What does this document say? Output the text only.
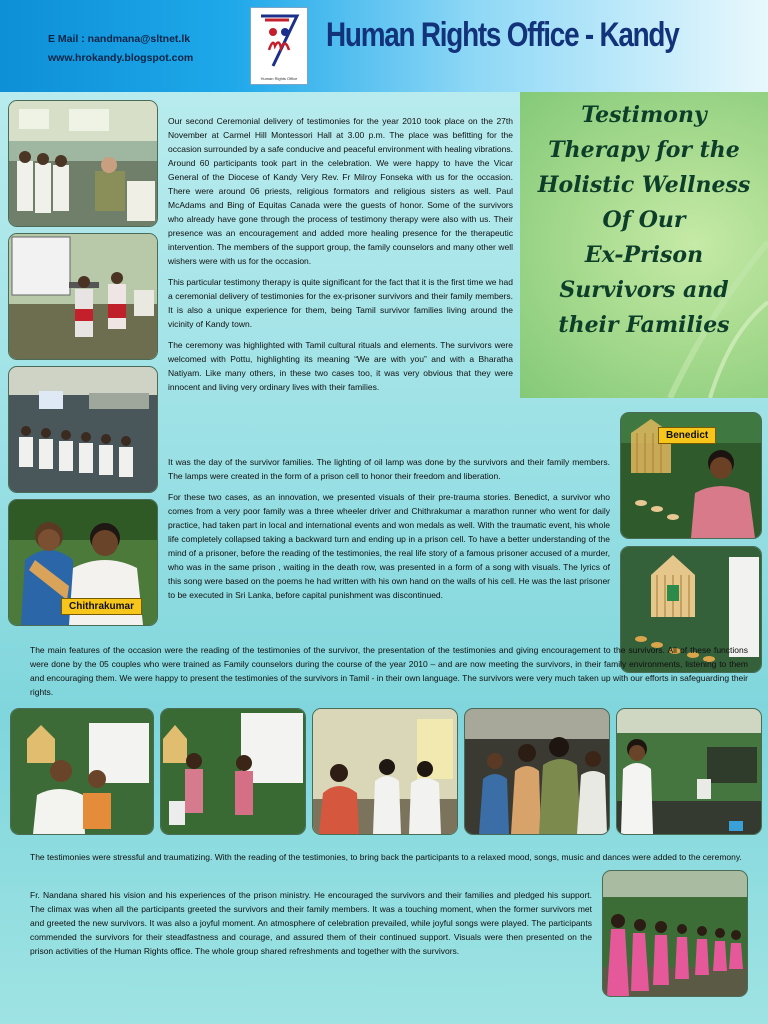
E Mail : nandmana@sltnet.lk
www.hrokandy.blogspot.com
Human Rights Office
Human Rights Office - Kandy
Chithrakumar

Our second Ceremonial delivery of testimonies for the year 2010 took place on the 27th November at Carmel Hill Montessori Hall at 3.00 p.m. The place was befitting for the occasion surrounded by a safe conducive and peaceful environment with healing vibrations. Around 60 participants took part in the celebration. We were happy to have the Vicar General of the Diocese of Kandy Very Rev. Fr Milroy Fonseka with us for the occasion. There were around 06 priests, religious formators and religious sisters as well. Paul McAdams and Bing of Equitas Canada were the guests of honor. Some of the survivors who already have gone through the process of testimony therapy were also with us. Their presence was an encouragement and added more healing presence for the therapeutic intervention. The members of the support group, the family counselors and many other well wishers were with us for the occasion.

This particular testimony therapy is quite significant for the fact that it is the first time we had a ceremonial delivery of testimonies for the ex-prisoner survivors and their family members. It is also a unique experience for them, being Tamil survivor families living around the vicinity of Kandy town.

The ceremony was highlighted with Tamil cultural rituals and elements. The survivors were welcomed with Pottu, highlighting its meaning “We are with you” and with a Bharatha Natiyam. Like many others, in these two cases too, it was very obvious that they were innocent and living very ordinary lives with their families.

Testimony
Therapy for the
Holistic Wellness
Of Our
Ex-Prison
Survivors and
their Families

It was the day of the survivor families. The lighting of oil lamp was done by the survivors and their family members. The lamps were created in the form of a prison cell to honor their freedom and liberation.

For these two cases, as an innovation, we presented visuals of their pre-trauma stories. Benedict, a survivor who comes from a very poor family was a three wheeler driver and Chithrakumar a marathon runner who went for daily practice, had taken part in local and international events and won medals as well. With the traumatic event, his whole life completely collapsed taking a backward turn and ending up in a prison cell. To have a better understanding of the mind of a prisoner, before the reading of the testimonies, the real life story of a famous prisoner accused of a murder, who was in the same prison , waiting in the death row, was presented in a form of a song with visuals. The lyrics of this song were based on the poems he had written with his own hand on the walls of his cell. He was the last prisoner to be executed in Sri Lanka, before capital punishment was discontinued.

Benedict

The main features of the occasion were the reading of the testimonies of the survivor, the presentation of the testimonies and giving encouragement to the survivors. All of these functions were done by the 05 couples who were trained as Family counselors during the course of the year 2010 – and are now meeting the survivors, in their family environments, listening to them and encouraging them. We were happy to present the testimonies of the survivors in Tamil - in their own language. The survivors were very much taken up with our efforts in safeguarding their rights.

The testimonies were stressful and traumatizing. With the reading of the testimonies, to bring back the participants to a relaxed mood, songs, music and dances were added to the ceremony.

Fr. Nandana shared his vision and his experiences of the prison ministry. He encouraged the survivors and their families and pledged his support. The climax was when all the participants greeted the survivors and their family members. It was a touching moment, when the former survivors met and greeted the new survivors. It was also a joyful moment. An atmosphere of celebration prevailed, while joyful songs were played. The participants commended the survivors for their steadfastness and courage, and assured them of their continued support. Visuals were then presented on the prison activities of the Human Rights office. The whole group shared refreshments and together with the survivors.
